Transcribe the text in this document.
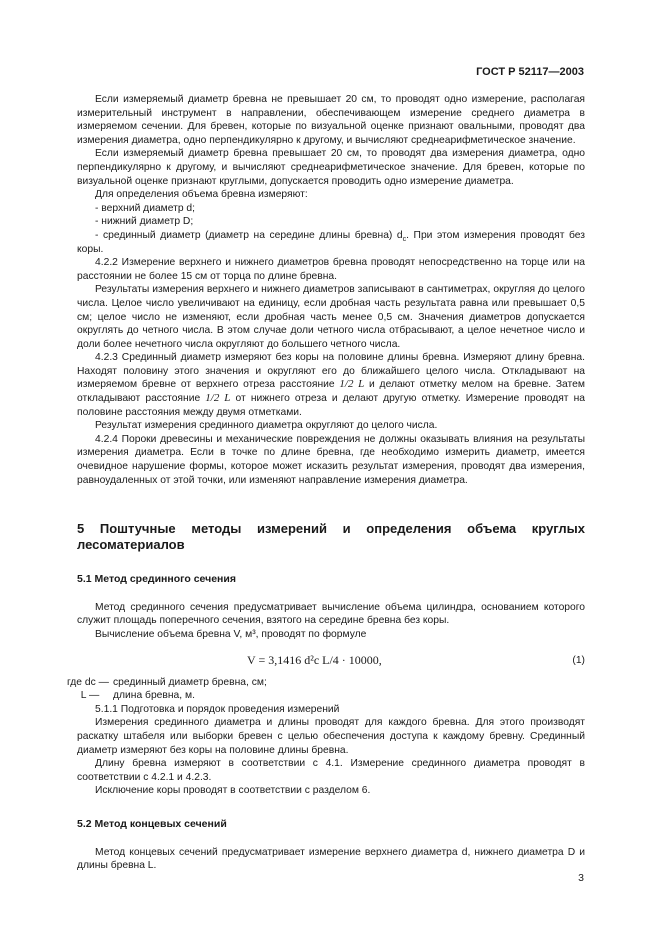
ГОСТ Р 52117—2003

Если измеряемый диаметр бревна не превышает 20 см, то проводят одно измерение, располагая измерительный инструмент в направлении, обеспечивающем измерение среднего диаметра в измеряемом сечении. Для бревен, которые по визуальной оценке признают овальными, проводят два измерения диаметра, одно перпендикулярно к другому, и вычисляют среднеарифметическое значение.

Если измеряемый диаметр бревна превышает 20 см, то проводят два измерения диаметра, одно перпендикулярно к другому, и вычисляют среднеарифметическое значение. Для бревен, которые по визуальной оценке признают круглыми, допускается проводить одно измерение диаметра.

Для определения объема бревна измеряют:

- верхний диаметр d;

- нижний диаметр D;

- срединный диаметр (диаметр на середине длины бревна) $d_c$. При этом измерения проводят без коры.

4.2.2 Измерение верхнего и нижнего диаметров бревна проводят непосредственно на торце или на расстоянии не более 15 см от торца по длине бревна.

Результаты измерения верхнего и нижнего диаметров записывают в сантиметрах, округляя до целого числа. Целое число увеличивают на единицу, если дробная часть результата равна или превышает 0,5 см; целое число не изменяют, если дробная часть менее 0,5 см. Значения диаметров допускается округлять до четного числа. В этом случае доли четного числа отбрасывают, а целое нечетное число и доли более нечетного числа округляют до большего четного числа.

4.2.3 Срединный диаметр измеряют без коры на половине длины бревна. Измеряют длину бревна. Находят половину этого значения и округляют его до ближайшего целого числа. Откладывают на измеряемом бревне от верхнего отреза расстояние 1/2 L и делают отметку мелом на бревне. Затем откладывают расстояние 1/2 L от нижнего отреза и делают другую отметку. Измерение проводят на половине расстояния между двумя отметками.

Результат измерения срединного диаметра округляют до целого числа.

4.2.4 Пороки древесины и механические повреждения не должны оказывать влияния на результаты измерения диаметра. Если в точке по длине бревна, где необходимо измерить диаметр, имеется очевидное нарушение формы, которое может исказить результат измерения, проводят два измерения, равноудаленных от этой точки, или изменяют направление измерения диаметра.

5 Поштучные методы измерений и определения объема круглых лесоматериалов

5.1 Метод срединного сечения

Метод срединного сечения предусматривает вычисление объема цилиндра, основанием которого служит площадь поперечного сечения, взятого на середине бревна без коры.

Вычисление объема бревна V, м³, проводят по формуле

V = 3,1416 d²c L/4 · 10000,	(1)
где dc — срединный диаметр бревна, см;
L —	длина бревна, м.

5.1.1 Подготовка и порядок проведения измерений

Измерения срединного диаметра и длины проводят для каждого бревна. Для этого производят раскатку штабеля или выборки бревен с целью обеспечения доступа к каждому бревну. Срединный диаметр измеряют без коры на половине длины бревна.

Длину бревна измеряют в соответствии с 4.1. Измерение срединного диаметра проводят в соответствии с 4.2.1 и 4.2.3.

Исключение коры проводят в соответствии с разделом 6.

5.2 Метод концевых сечений

Метод концевых сечений предусматривает измерение верхнего диаметра d, нижнего диаметра D и длины бревна L.

3
